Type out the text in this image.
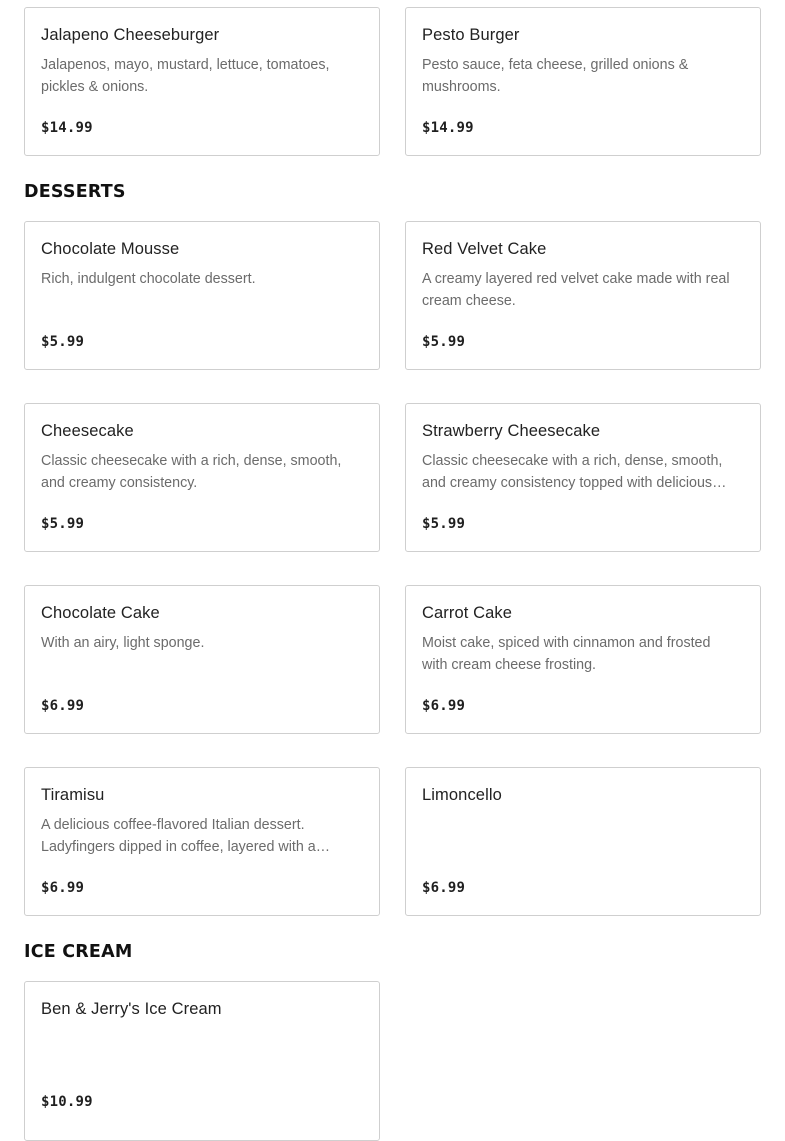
Jalapeno Cheeseburger
Jalapenos, mayo, mustard, lettuce, tomatoes, pickles & onions.
$14.99
Pesto Burger
Pesto sauce, feta cheese, grilled onions & mushrooms.
$14.99
DESSERTS
Chocolate Mousse
Rich, indulgent chocolate dessert.
$5.99
Red Velvet Cake
A creamy layered red velvet cake made with real cream cheese.
$5.99
Cheesecake
Classic cheesecake with a rich, dense, smooth, and creamy consistency.
$5.99
Strawberry Cheesecake
Classic cheesecake with a rich, dense, smooth, and creamy consistency topped with delicious…
$5.99
Chocolate Cake
With an airy, light sponge.
$6.99
Carrot Cake
Moist cake, spiced with cinnamon and frosted with cream cheese frosting.
$6.99
Tiramisu
A delicious coffee-flavored Italian dessert. Ladyfingers dipped in coffee, layered with a…
$6.99
Limoncello
$6.99
ICE CREAM
Ben & Jerry's Ice Cream
$10.99
